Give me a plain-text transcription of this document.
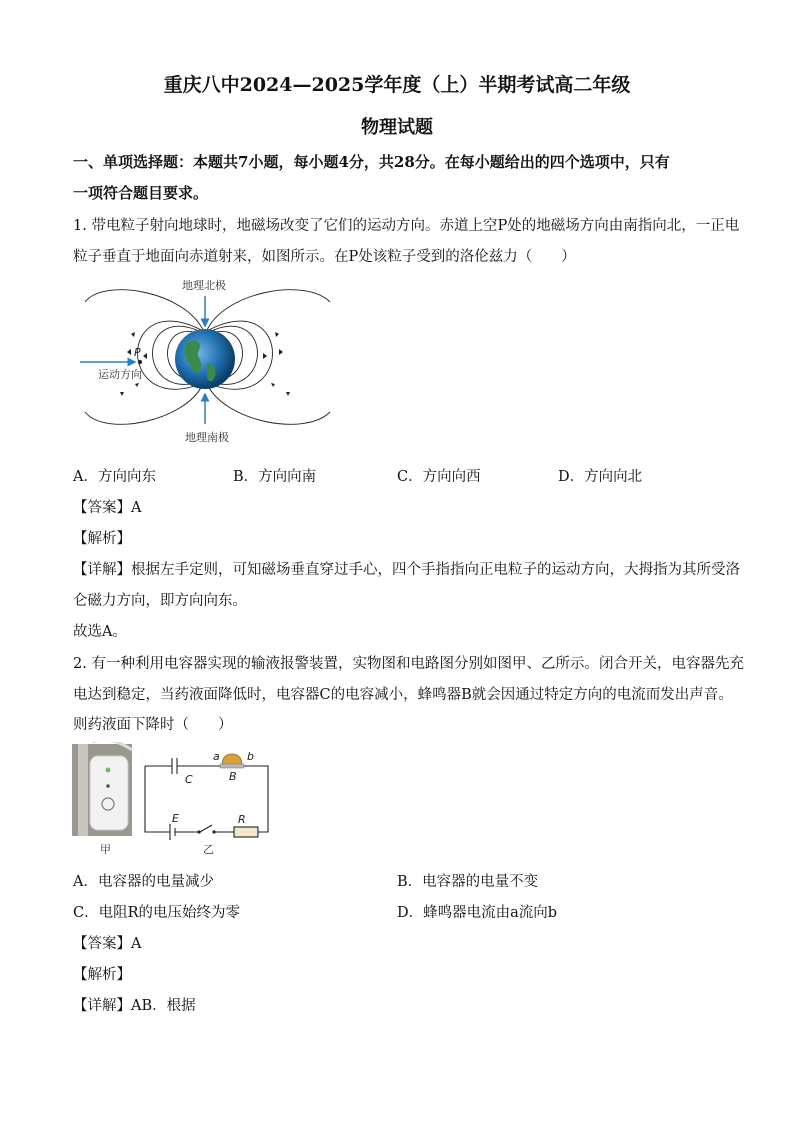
重庆八中2024—2025学年度（上）半期考试高二年级
物理试题
一、单项选择题：本题共7小题，每小题4分，共28分。在每小题给出的四个选项中，只有
一项符合题目要求。
1. 带电粒子射向地球时，地磁场改变了它们的运动方向。赤道上空P处的地磁场方向由南指向北，一正电
粒子垂直于地面向赤道射来，如图所示。在P处该粒子受到的洛伦兹力（　　）
地理北极
地理南极
运动方向
P
A．方向向东	B．方向向南	C．方向向西	D．方向向北
【答案】A
【解析】
【详解】根据左手定则，可知磁场垂直穿过手心，四个手指指向正电粒子的运动方向，大拇指为其所受洛
仑磁力方向，即方向向东。
故选A。
2. 有一种利用电容器实现的输液报警装置，实物图和电路图分别如图甲、乙所示。闭合开关，电容器先充
电达到稳定，当药液面降低时，电容器C的电容减小，蜂鸣器B就会因通过特定方向的电流而发出声音。
则药液面下降时（　　）
甲
a b
B
C
E	R
乙
A．电容器的电量减少	B．电容器的电量不变
C．电阻R的电压始终为零	D．蜂鸣器电流由a流向b
【答案】A
【解析】
【详解】AB．根据
